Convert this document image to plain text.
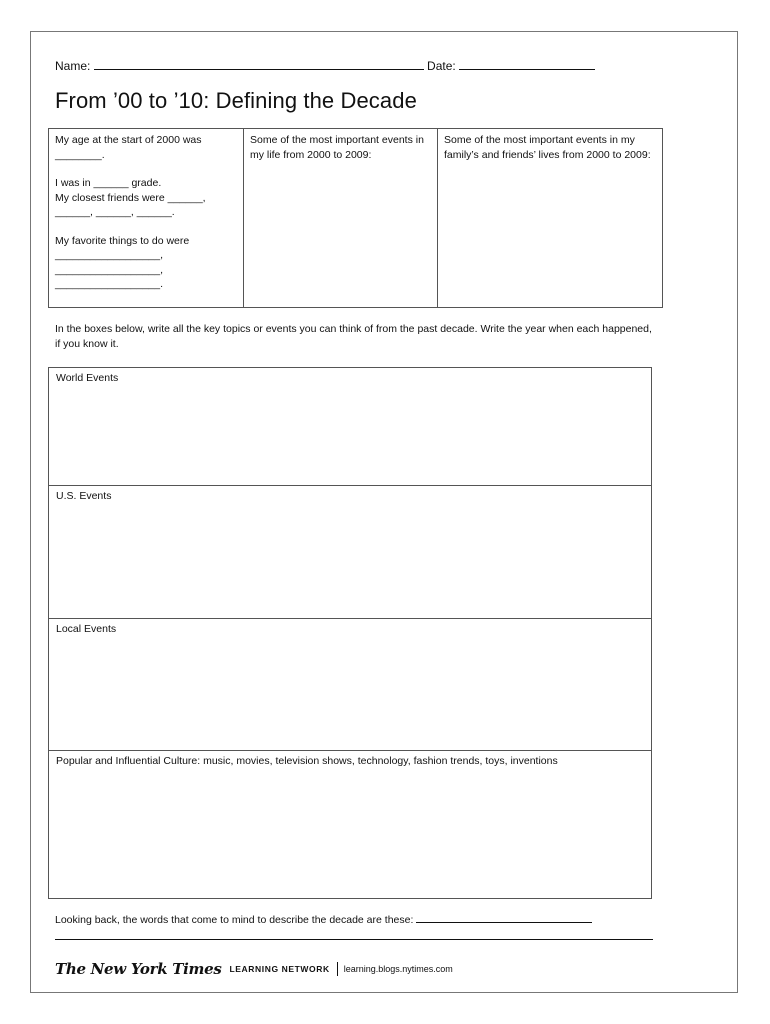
Name:	Date:
From ’00 to ’10: Defining the Decade

My age at the start of 2000 was

________.

I was in ______ grade.

My closest friends were ______,

______, ______, ______.

My favorite things to do were

__________________,

__________________,

__________________.

Some of the most important events in my life from 2000 to 2009:

Some of the most important events in my family’s and friends’ lives from 2000 to 2009:

In the boxes below, write all the key topics or events you can think of from the past decade. Write the year when each happened, if you know it.
World Events
U.S. Events
Local Events
Popular and Influential Culture: music, movies, television shows, technology, fashion trends, toys, inventions
Looking back, the words that come to mind to describe the decade are these:
The New York Times LEARNING NETWORK learning.blogs.nytimes.com
